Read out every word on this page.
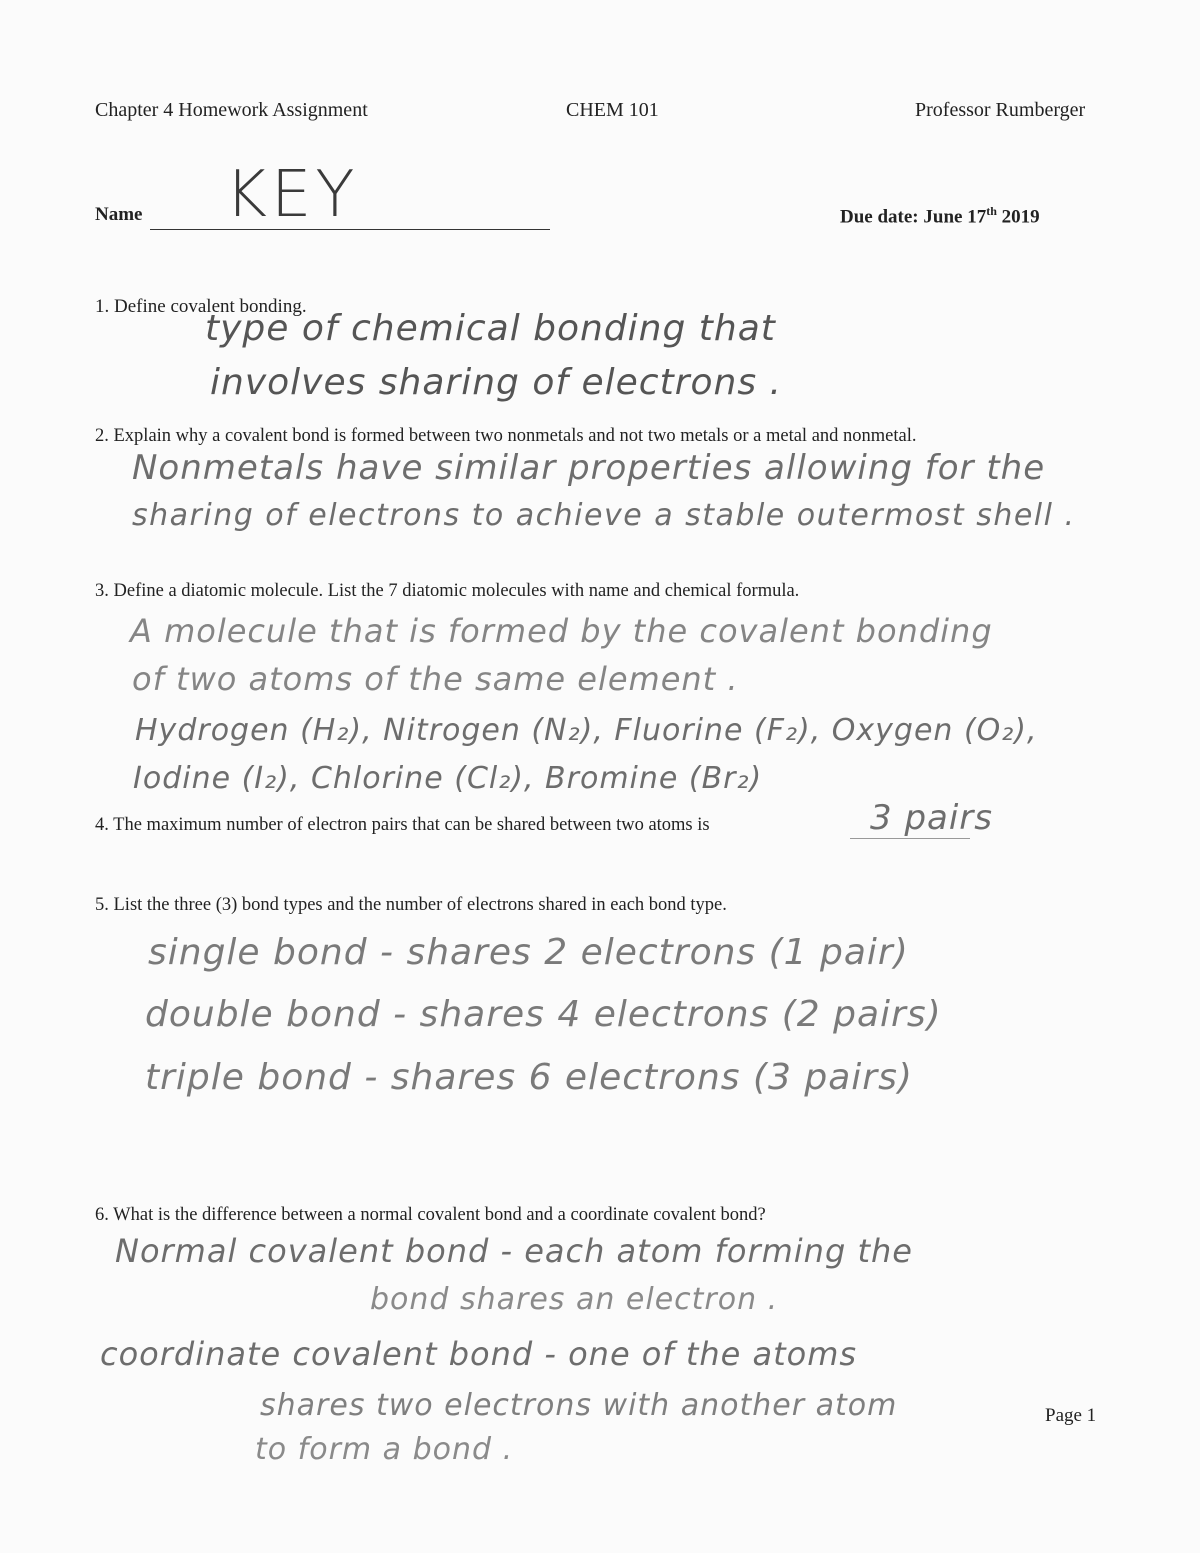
Chapter 4 Homework Assignment	CHEM 101	Professor Rumberger
Name KEY	Due date: June 17th 2019
1. Define covalent bonding.
type of chemical bonding that
involves sharing of electrons .
2. Explain why a covalent bond is formed between two nonmetals and not two metals or a metal and nonmetal.
Nonmetals have similar properties allowing for the
sharing of electrons to achieve a stable outermost shell .
3. Define a diatomic molecule. List the 7 diatomic molecules with name and chemical formula.
A molecule that is formed by the covalent bonding
of two atoms of the same element .
Hydrogen (H₂), Nitrogen (N₂), Fluorine (F₂), Oxygen (O₂),
Iodine (I₂), Chlorine (Cl₂), Bromine (Br₂)
4. The maximum number of electron pairs that can be shared between two atoms is	3 pairs
5. List the three (3) bond types and the number of electrons shared in each bond type.
single bond - shares 2 electrons (1 pair)
double bond - shares 4 electrons (2 pairs)
triple bond - shares 6 electrons (3 pairs)
6. What is the difference between a normal covalent bond and a coordinate covalent bond?
Normal covalent bond - each atom forming the
bond shares an electron .
coordinate covalent bond - one of the atoms
shares two electrons with another atom
to form a bond .
Page 1
